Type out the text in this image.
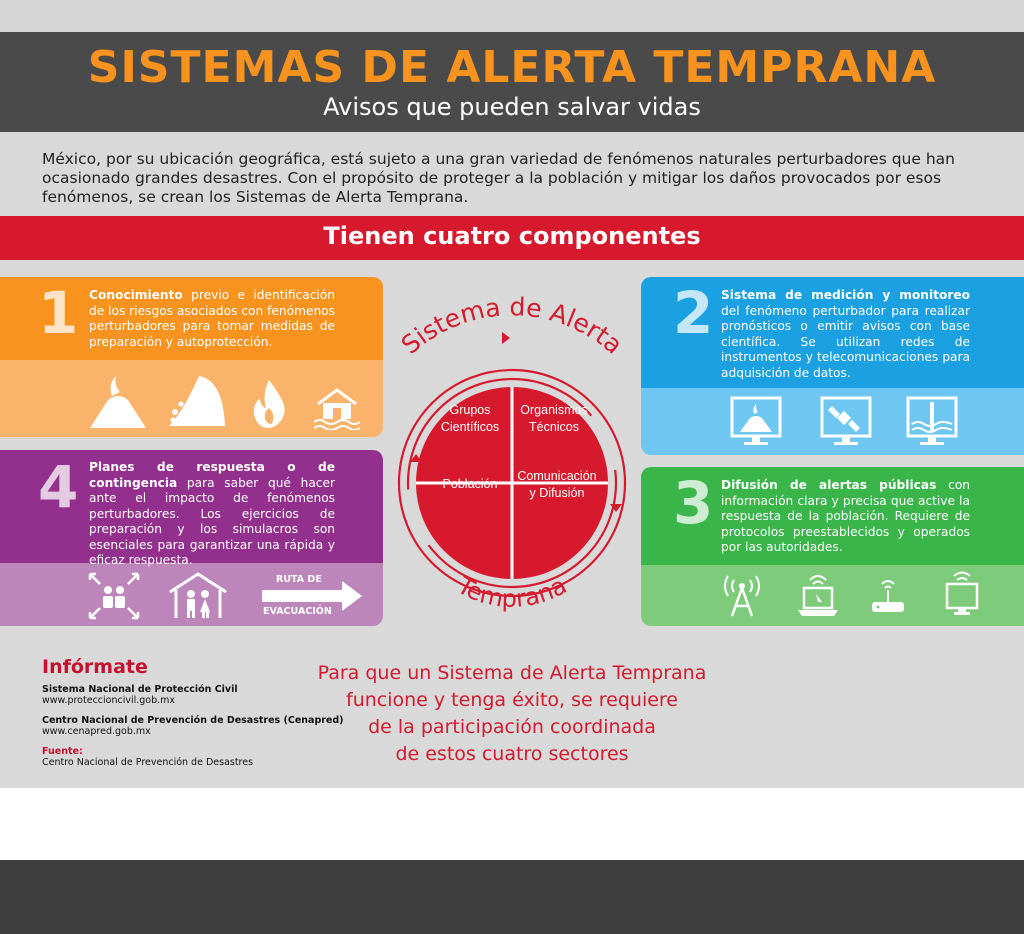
SISTEMAS DE ALERTA TEMPRANA
Avisos que pueden salvar vidas
México, por su ubicación geográfica, está sujeto a una gran variedad de fenómenos naturales perturbadores que han ocasionado grandes desastres. Con el propósito de proteger a la población y mitigar los daños provocados por esos fenómenos, se crean los Sistemas de Alerta Temprana.
Tienen cuatro componentes
1 Conocimiento previo e identificación de los riesgos asociados con fenómenos perturbadores para tomar medidas de preparación y autoprotección.
4 Planes de respuesta o de contingencia para saber qué hacer ante el impacto de fenómenos perturbadores. Los ejercicios de preparación y los simulacros son esenciales para garantizar una rápida y eficaz respuesta.
RUTA DE
EVACUACIÓN
2 Sistema de medición y monitoreo del fenómeno perturbador para realizar pronósticos o emitir avisos con base científica. Se utilizan redes de instrumentos y telecomunicaciones para adquisición de datos.
3 Difusión de alertas públicas con información clara y precisa que active la respuesta de la población. Requiere de protocolos preestablecidos y operados por las autoridades.
Sistema de Alerta
Grupos
Científicos
Organismos
Técnicos
Población
Comunicación
y Difusión
Temprana
Infórmate
Sistema Nacional de Protección Civil
www.proteccioncivil.gob.mx
Centro Nacional de Prevención de Desastres (Cenapred)
www.cenapred.gob.mx
Fuente:
Centro Nacional de Prevención de Desastres
Para que un Sistema de Alerta Temprana
funcione y tenga éxito, se requiere
de la participación coordinada
de estos cuatro sectores
